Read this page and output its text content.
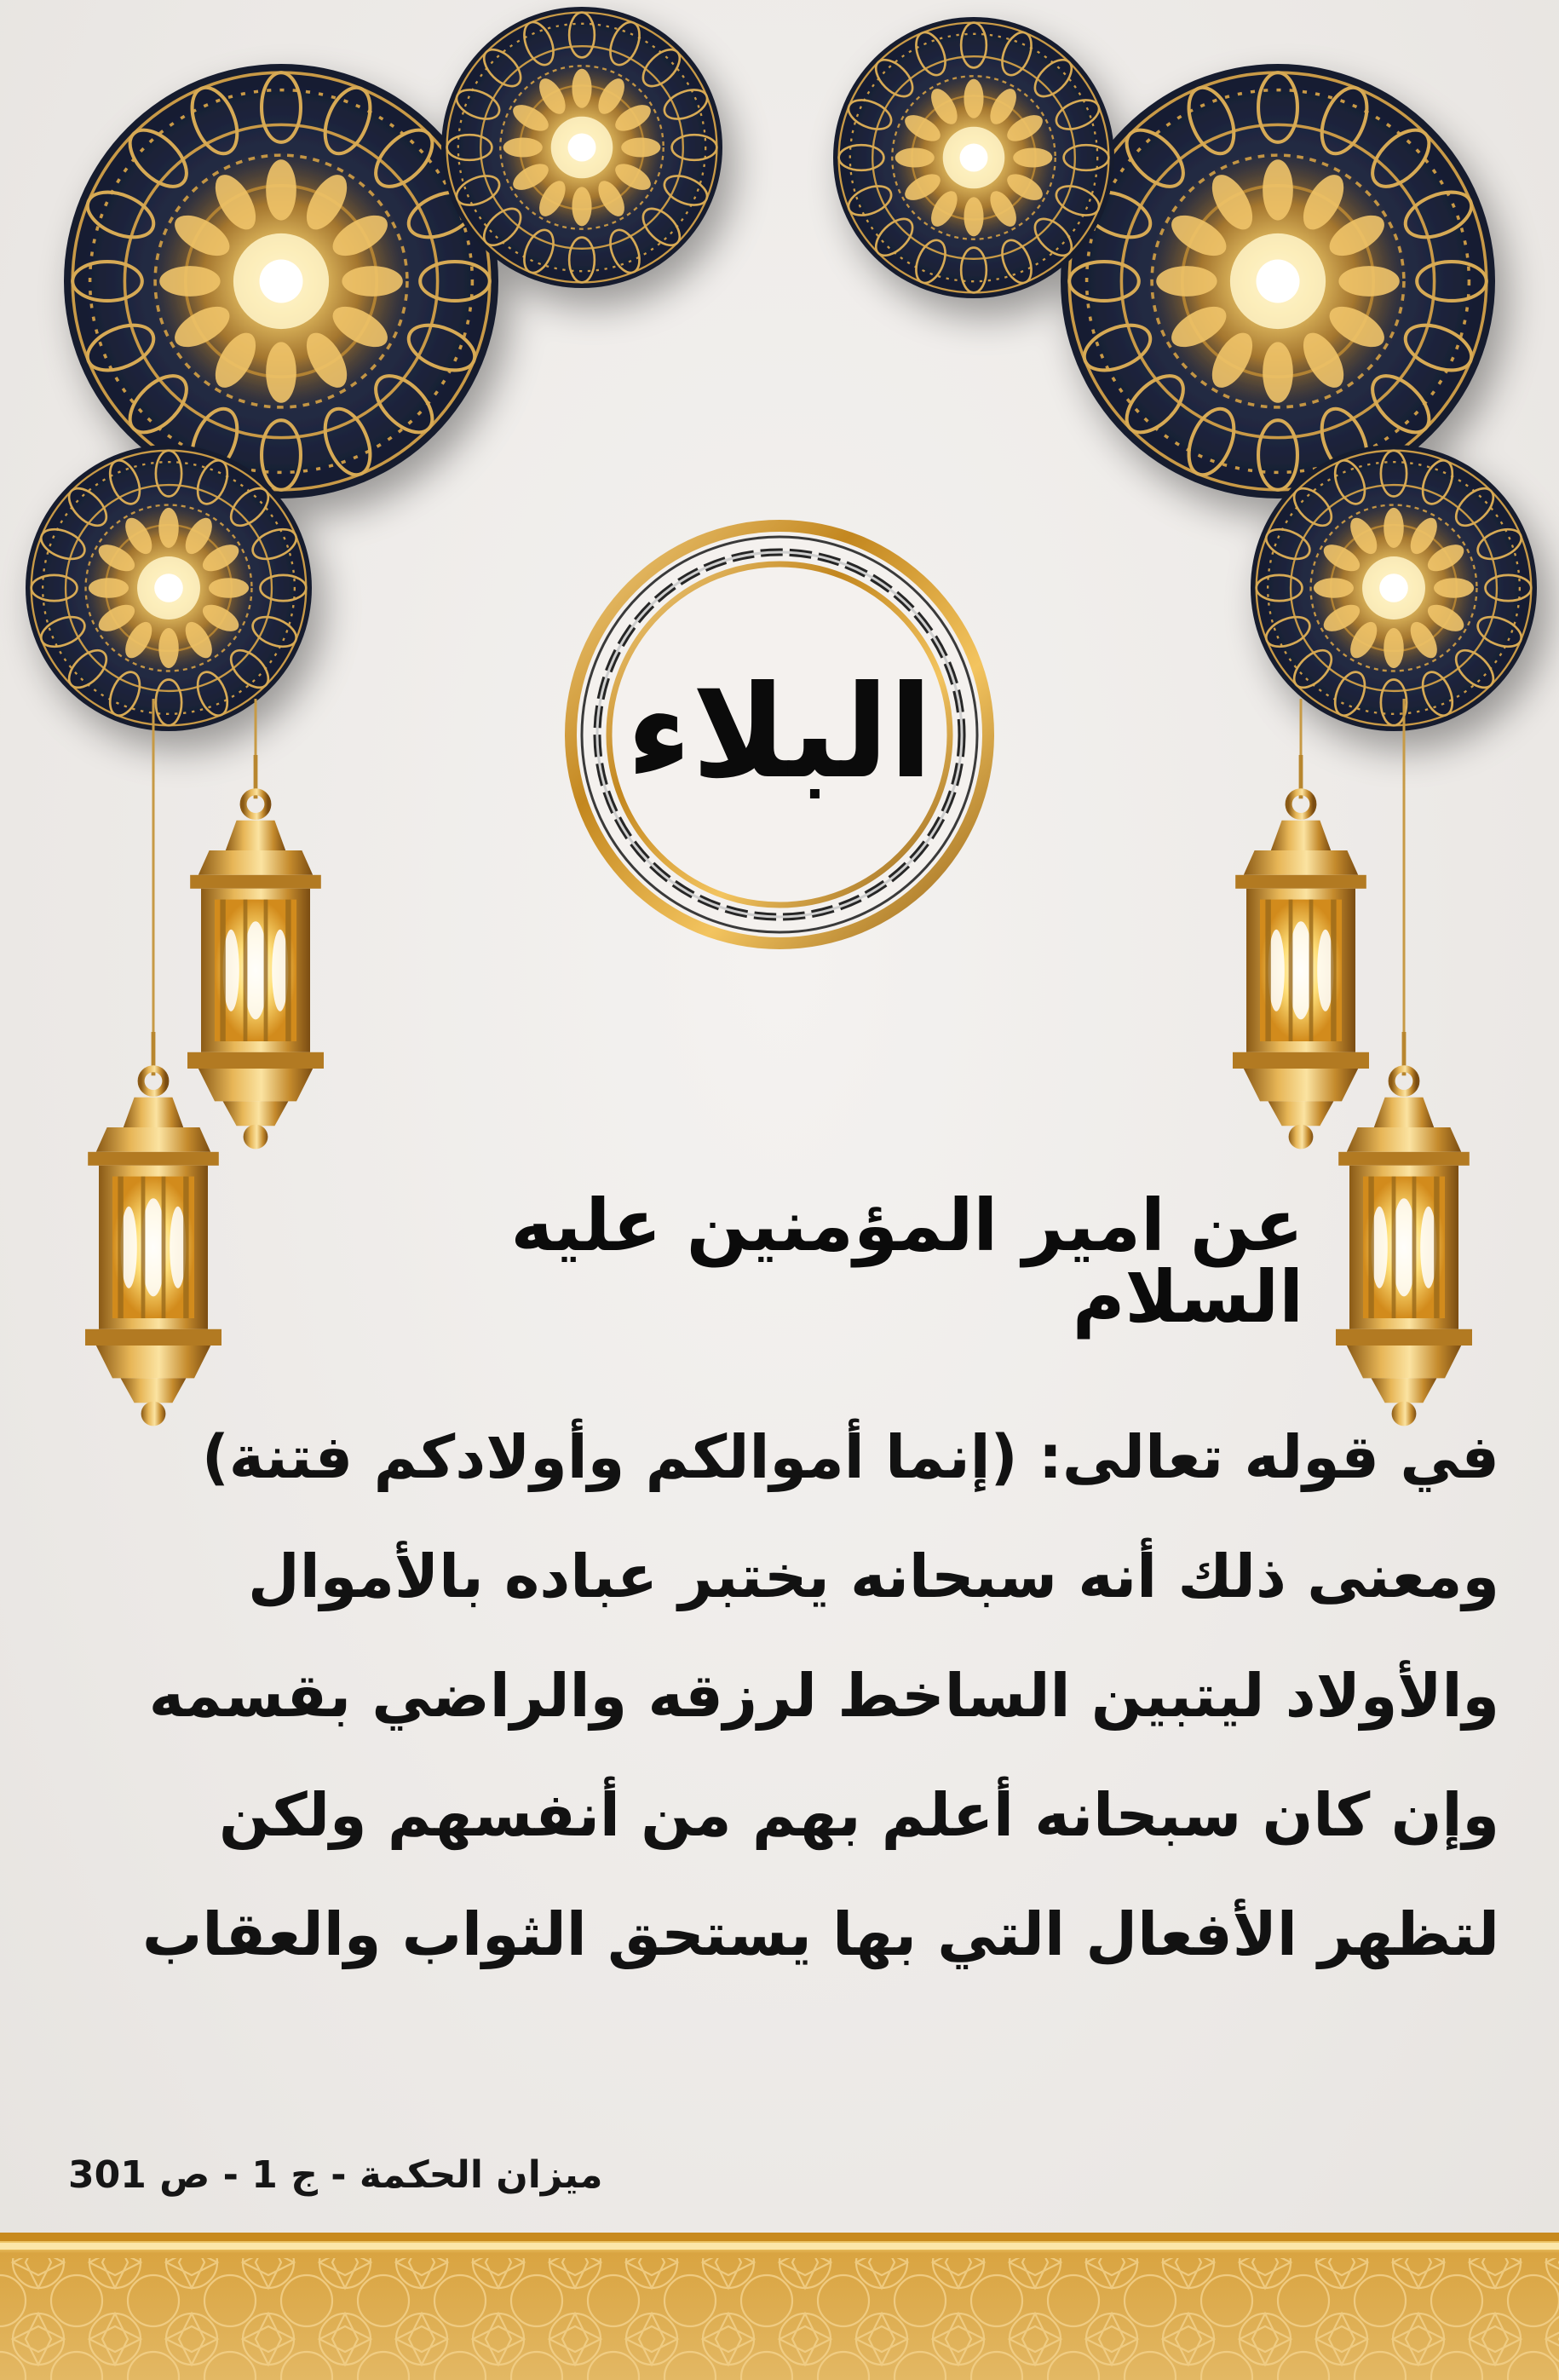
البلاء
عن امير المؤمنين عليه السلام
في قوله تعالى: (إنما أموالكم وأولادكم فتنة)
ومعنى ذلك أنه سبحانه يختبر عباده بالأموال
والأولاد ليتبين الساخط لرزقه والراضي بقسمه
وإن كان سبحانه أعلم بهم من أنفسهم ولكن
لتظهر الأفعال التي بها يستحق الثواب والعقاب

ميزان الحكمة - ج 1 - ص 301
